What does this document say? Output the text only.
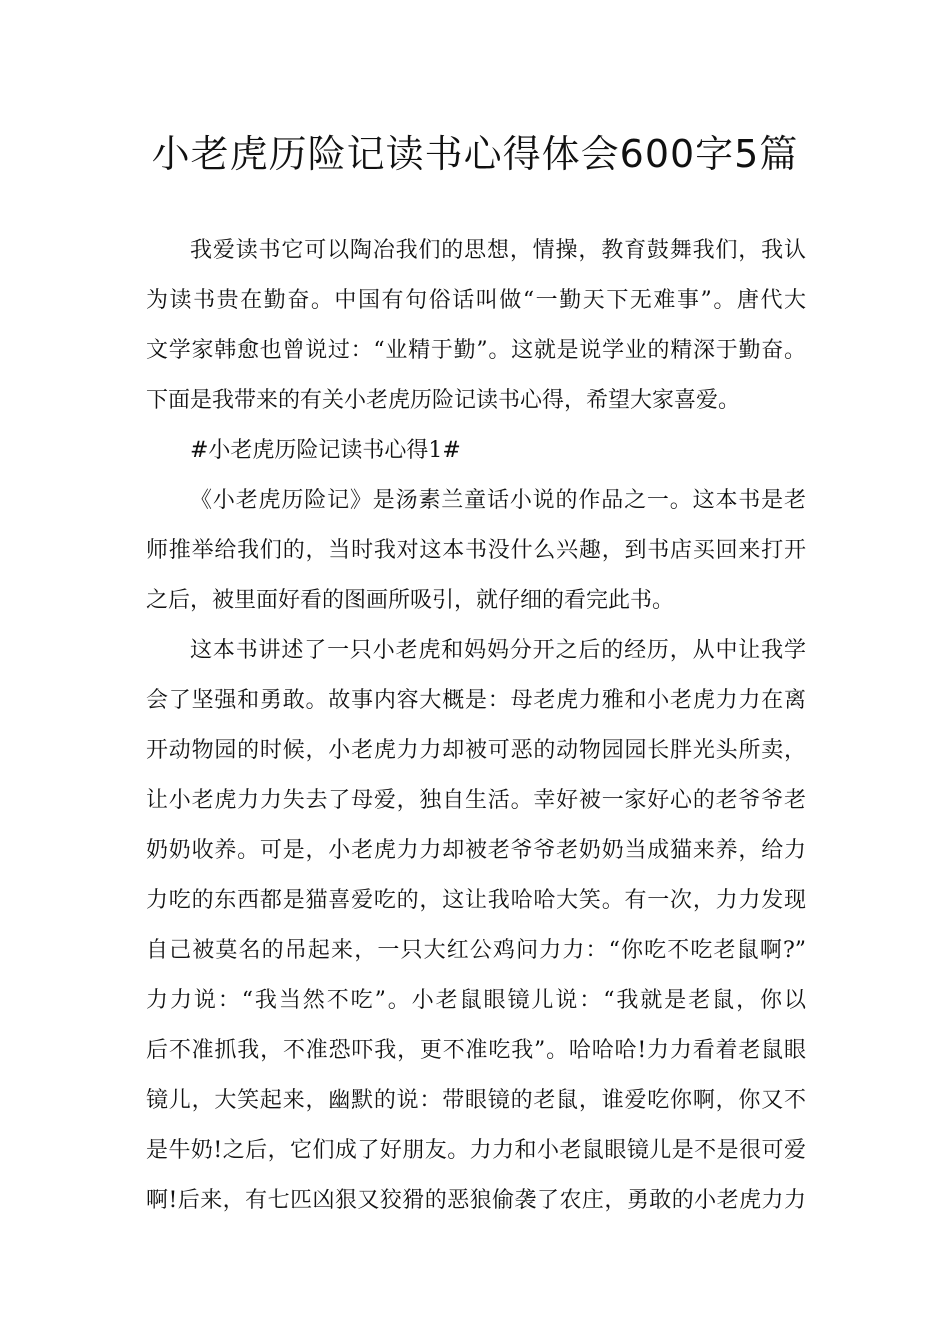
小老虎历险记读书心得体会600字5篇
我爱读书它可以陶冶我们的思想，情操，教育鼓舞我们，我认
为读书贵在勤奋。中国有句俗话叫做“一勤天下无难事”。唐代大
文学家韩愈也曾说过：“业精于勤”。这就是说学业的精深于勤奋。
下面是我带来的有关小老虎历险记读书心得，希望大家喜爱。
#小老虎历险记读书心得1#
《小老虎历险记》是汤素兰童话小说的作品之一。这本书是老
师推举给我们的，当时我对这本书没什么兴趣，到书店买回来打开
之后，被里面好看的图画所吸引，就仔细的看完此书。
这本书讲述了一只小老虎和妈妈分开之后的经历，从中让我学
会了坚强和勇敢。故事内容大概是：母老虎力雅和小老虎力力在离
开动物园的时候，小老虎力力却被可恶的动物园园长胖光头所卖，
让小老虎力力失去了母爱，独自生活。幸好被一家好心的老爷爷老
奶奶收养。可是，小老虎力力却被老爷爷老奶奶当成猫来养，给力
力吃的东西都是猫喜爱吃的，这让我哈哈大笑。有一次，力力发现
自己被莫名的吊起来，一只大红公鸡问力力：“你吃不吃老鼠啊?”
力力说：“我当然不吃”。小老鼠眼镜儿说：“我就是老鼠，你以
后不准抓我，不准恐吓我，更不准吃我”。哈哈哈!力力看着老鼠眼
镜儿，大笑起来，幽默的说：带眼镜的老鼠，谁爱吃你啊，你又不
是牛奶!之后，它们成了好朋友。力力和小老鼠眼镜儿是不是很可爱
啊!后来，有七匹凶狠又狡猾的恶狼偷袭了农庄，勇敢的小老虎力力
